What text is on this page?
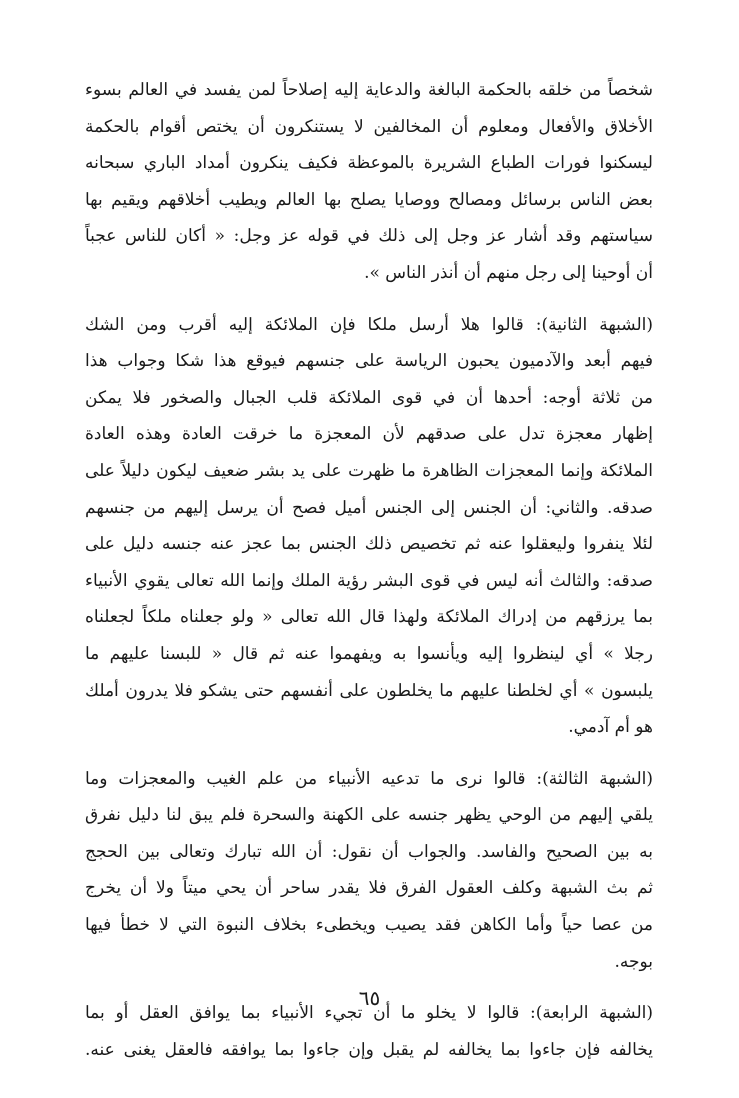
شخصاً من خلقه بالحكمة البالغة والدعاية إليه إصلاحاً لمن يفسد في العالم بسوء
الأخلاق والأفعال ومعلوم أن المخالفين لا يستنكرون أن يختص أقوام بالحكمة
ليسكنوا فورات الطباع الشريرة بالموعظة فكيف ينكرون أمداد الباري سبحانه
بعض الناس برسائل ومصالح ووصايا يصلح بها العالم ويطيب أخلاقهم ويقيم بها
سياستهم وقد أشار عز وجل إلى ذلك في قوله عز وجل: « أكان للناس عجباً
أن أوحينا إلى رجل منهم أن أنذر الناس ».
(الشبهة الثانية): قالوا هلا أرسل ملكا فإن الملائكة إليه أقرب ومن الشك
فيهم أبعد والآدميون يحبون الرياسة على جنسهم فيوقع هذا شكا وجواب هذا
من ثلاثة أوجه: أحدها أن في قوى الملائكة قلب الجبال والصخور فلا يمكن
إظهار معجزة تدل على صدقهم لأن المعجزة ما خرقت العادة وهذه العادة
الملائكة وإنما المعجزات الظاهرة ما ظهرت على يد بشر ضعيف ليكون دليلاً على
صدقه. والثاني: أن الجنس إلى الجنس أميل فصح أن يرسل إليهم من جنسهم
لئلا ينفروا وليعقلوا عنه ثم تخصيص ذلك الجنس بما عجز عنه جنسه دليل على
صدقه: والثالث أنه ليس في قوى البشر رؤية الملك وإنما الله تعالى يقوي الأنبياء
بما يرزقهم من إدراك الملائكة ولهذا قال الله تعالى « ولو جعلناه ملكاً لجعلناه
رجلا » أي لينظروا إليه ويأنسوا به ويفهموا عنه ثم قال « للبسنا عليهم ما
يلبسون » أي لخلطنا عليهم ما يخلطون على أنفسهم حتى يشكو فلا يدرون أملك
هو أم آدمي.
(الشبهة الثالثة): قالوا نرى ما تدعيه الأنبياء من علم الغيب والمعجزات وما
يلقي إليهم من الوحي يظهر جنسه على الكهنة والسحرة فلم يبق لنا دليل نفرق
به بين الصحيح والفاسد. والجواب أن نقول: أن الله تبارك وتعالى بين الحجج
ثم بث الشبهة وكلف العقول الفرق فلا يقدر ساحر أن يحي ميتاً ولا أن يخرج
من عصا حياً وأما الكاهن فقد يصيب ويخطىء بخلاف النبوة التي لا خطأ فيها
بوجه.
(الشبهة الرابعة): قالوا لا يخلو ما أن تجيء الأنبياء بما يوافق العقل أو بما
يخالفه فإن جاءوا بما يخالفه لم يقبل وإن جاءوا بما يوافقه فالعقل يغنى عنه.
٦٥
